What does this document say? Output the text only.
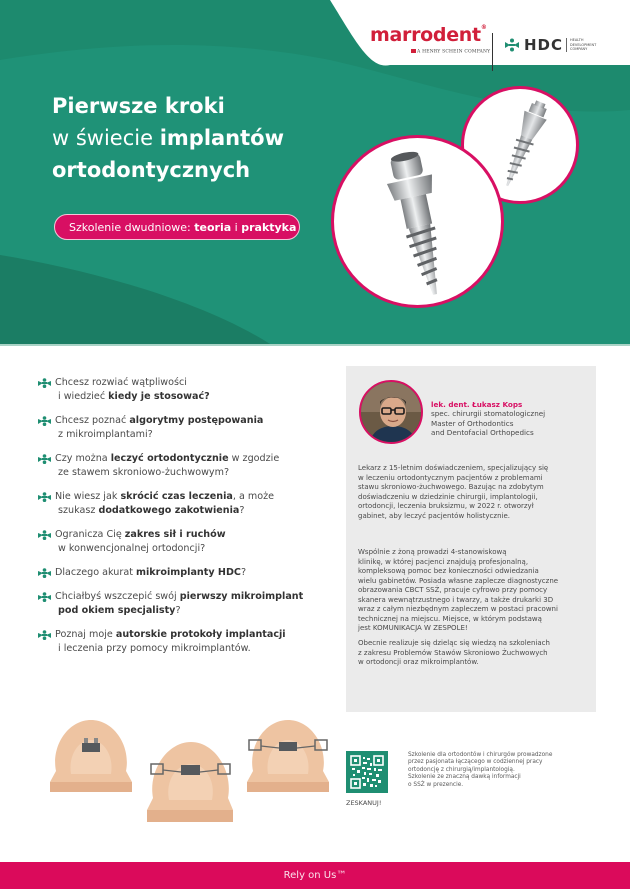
marrodent®
A HENRY SCHEIN COMPANY HDC	HEALTH
DEVELOPMENT
COMPANY
Pierwsze kroki
w świecie implantów
ortodontycznych
Szkolenie dwudniowe: teoria i praktyka
Chcesz rozwiać wątpliwości
i wiedzieć kiedy je stosować?
Chcesz poznać algorytmy postępowania
z mikroimplantami?
Czy można leczyć ortodontycznie w zgodzie
ze stawem skroniowo-żuchwowym?
Nie wiesz jak skrócić czas leczenia, a może
szukasz dodatkowego zakotwienia?
Ogranicza Cię zakres sił i ruchów
w konwencjonalnej ortodoncji?
Dlaczego akurat mikroimplanty HDC?
Chciałbyś wszczepić swój pierwszy mikroimplant
pod okiem specjalisty?
Poznaj moje autorskie protokoły implantacji
i leczenia przy pomocy mikroimplantów.
lek. dent. Łukasz Kops
spec. chirurgii stomatologicznej
Master of Orthodontics
and Dentofacial Orthopedics
Lekarz z 15-letnim doświadczeniem, specjalizujący się
w leczeniu ortodontycznym pacjentów z problemami
stawu skroniowo-żuchwowego. Bazując na zdobytym
doświadczeniu w dziedzinie chirurgii, implantologii,
ortodoncji, leczenia bruksizmu, w 2022 r. otworzył
gabinet, aby leczyć pacjentów holistycznie.
Wspólnie z żoną prowadzi 4-stanowiskową
klinikę, w której pacjenci znajdują profesjonalną,
kompleksową pomoc bez konieczności odwiedzania
wielu gabinetów. Posiada własne zaplecze diagnostyczne
obrazowania CBCT SSŻ, pracuje cyfrowo przy pomocy
skanera wewnątrzustnego i twarzy, a także drukarki 3D
wraz z całym niezbędnym zapleczem w postaci pracowni
technicznej na miejscu. Miejsce, w którym podstawą
jest KOMUNIKACJA W ZESPOLE!
Obecnie realizuje się dzieląc się wiedzą na szkoleniach
z zakresu Problemów Stawów Skroniowo Żuchwowych
w ortodoncji oraz mikroimplantów.
ZESKANUJ!
Szkolenie dla ortodontów i chirurgów prowadzone
przez pasjonata łączącego w codziennej pracy
ortodoncję z chirurgią/implantologią.
Szkolenie ze znaczną dawką informacji
o SSŻ w prezencie.
Rely on Us™
